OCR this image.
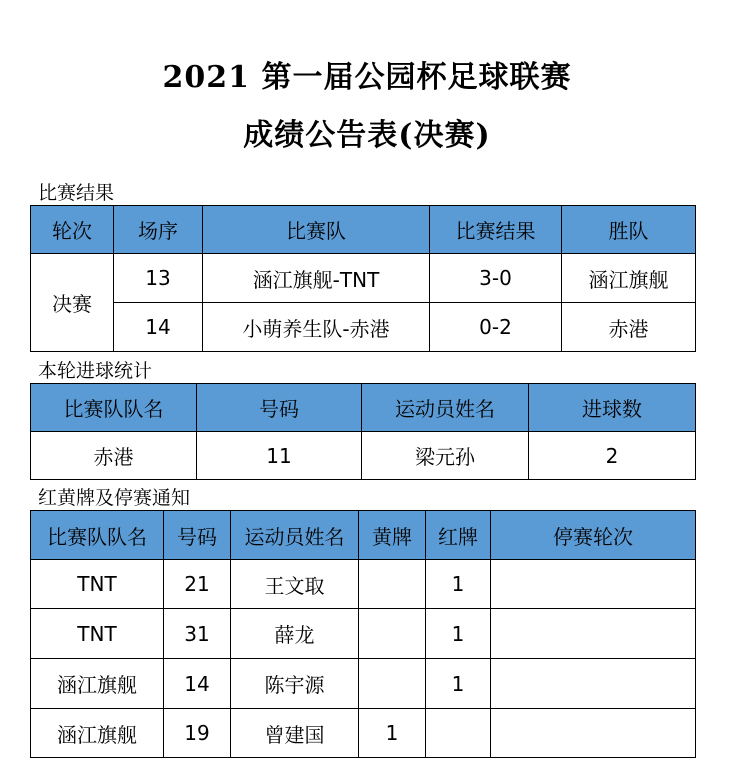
2021 第一届公园杯足球联赛
成绩公告表(决赛)
比赛结果
轮次	场序	比赛队	比赛结果	胜队
决赛	13	涵江旗舰-TNT	3-0	涵江旗舰
	14	小萌养生队-赤港	0-2	赤港
本轮进球统计
比赛队队名	号码	运动员姓名	进球数
赤港	11	梁元孙	2
红黄牌及停赛通知
比赛队队名	号码	运动员姓名	黄牌	红牌	停赛轮次
TNT	21	王文取		1	
TNT	31	薛龙		1	
涵江旗舰	14	陈宇源		1	
涵江旗舰	19	曾建国	1		
